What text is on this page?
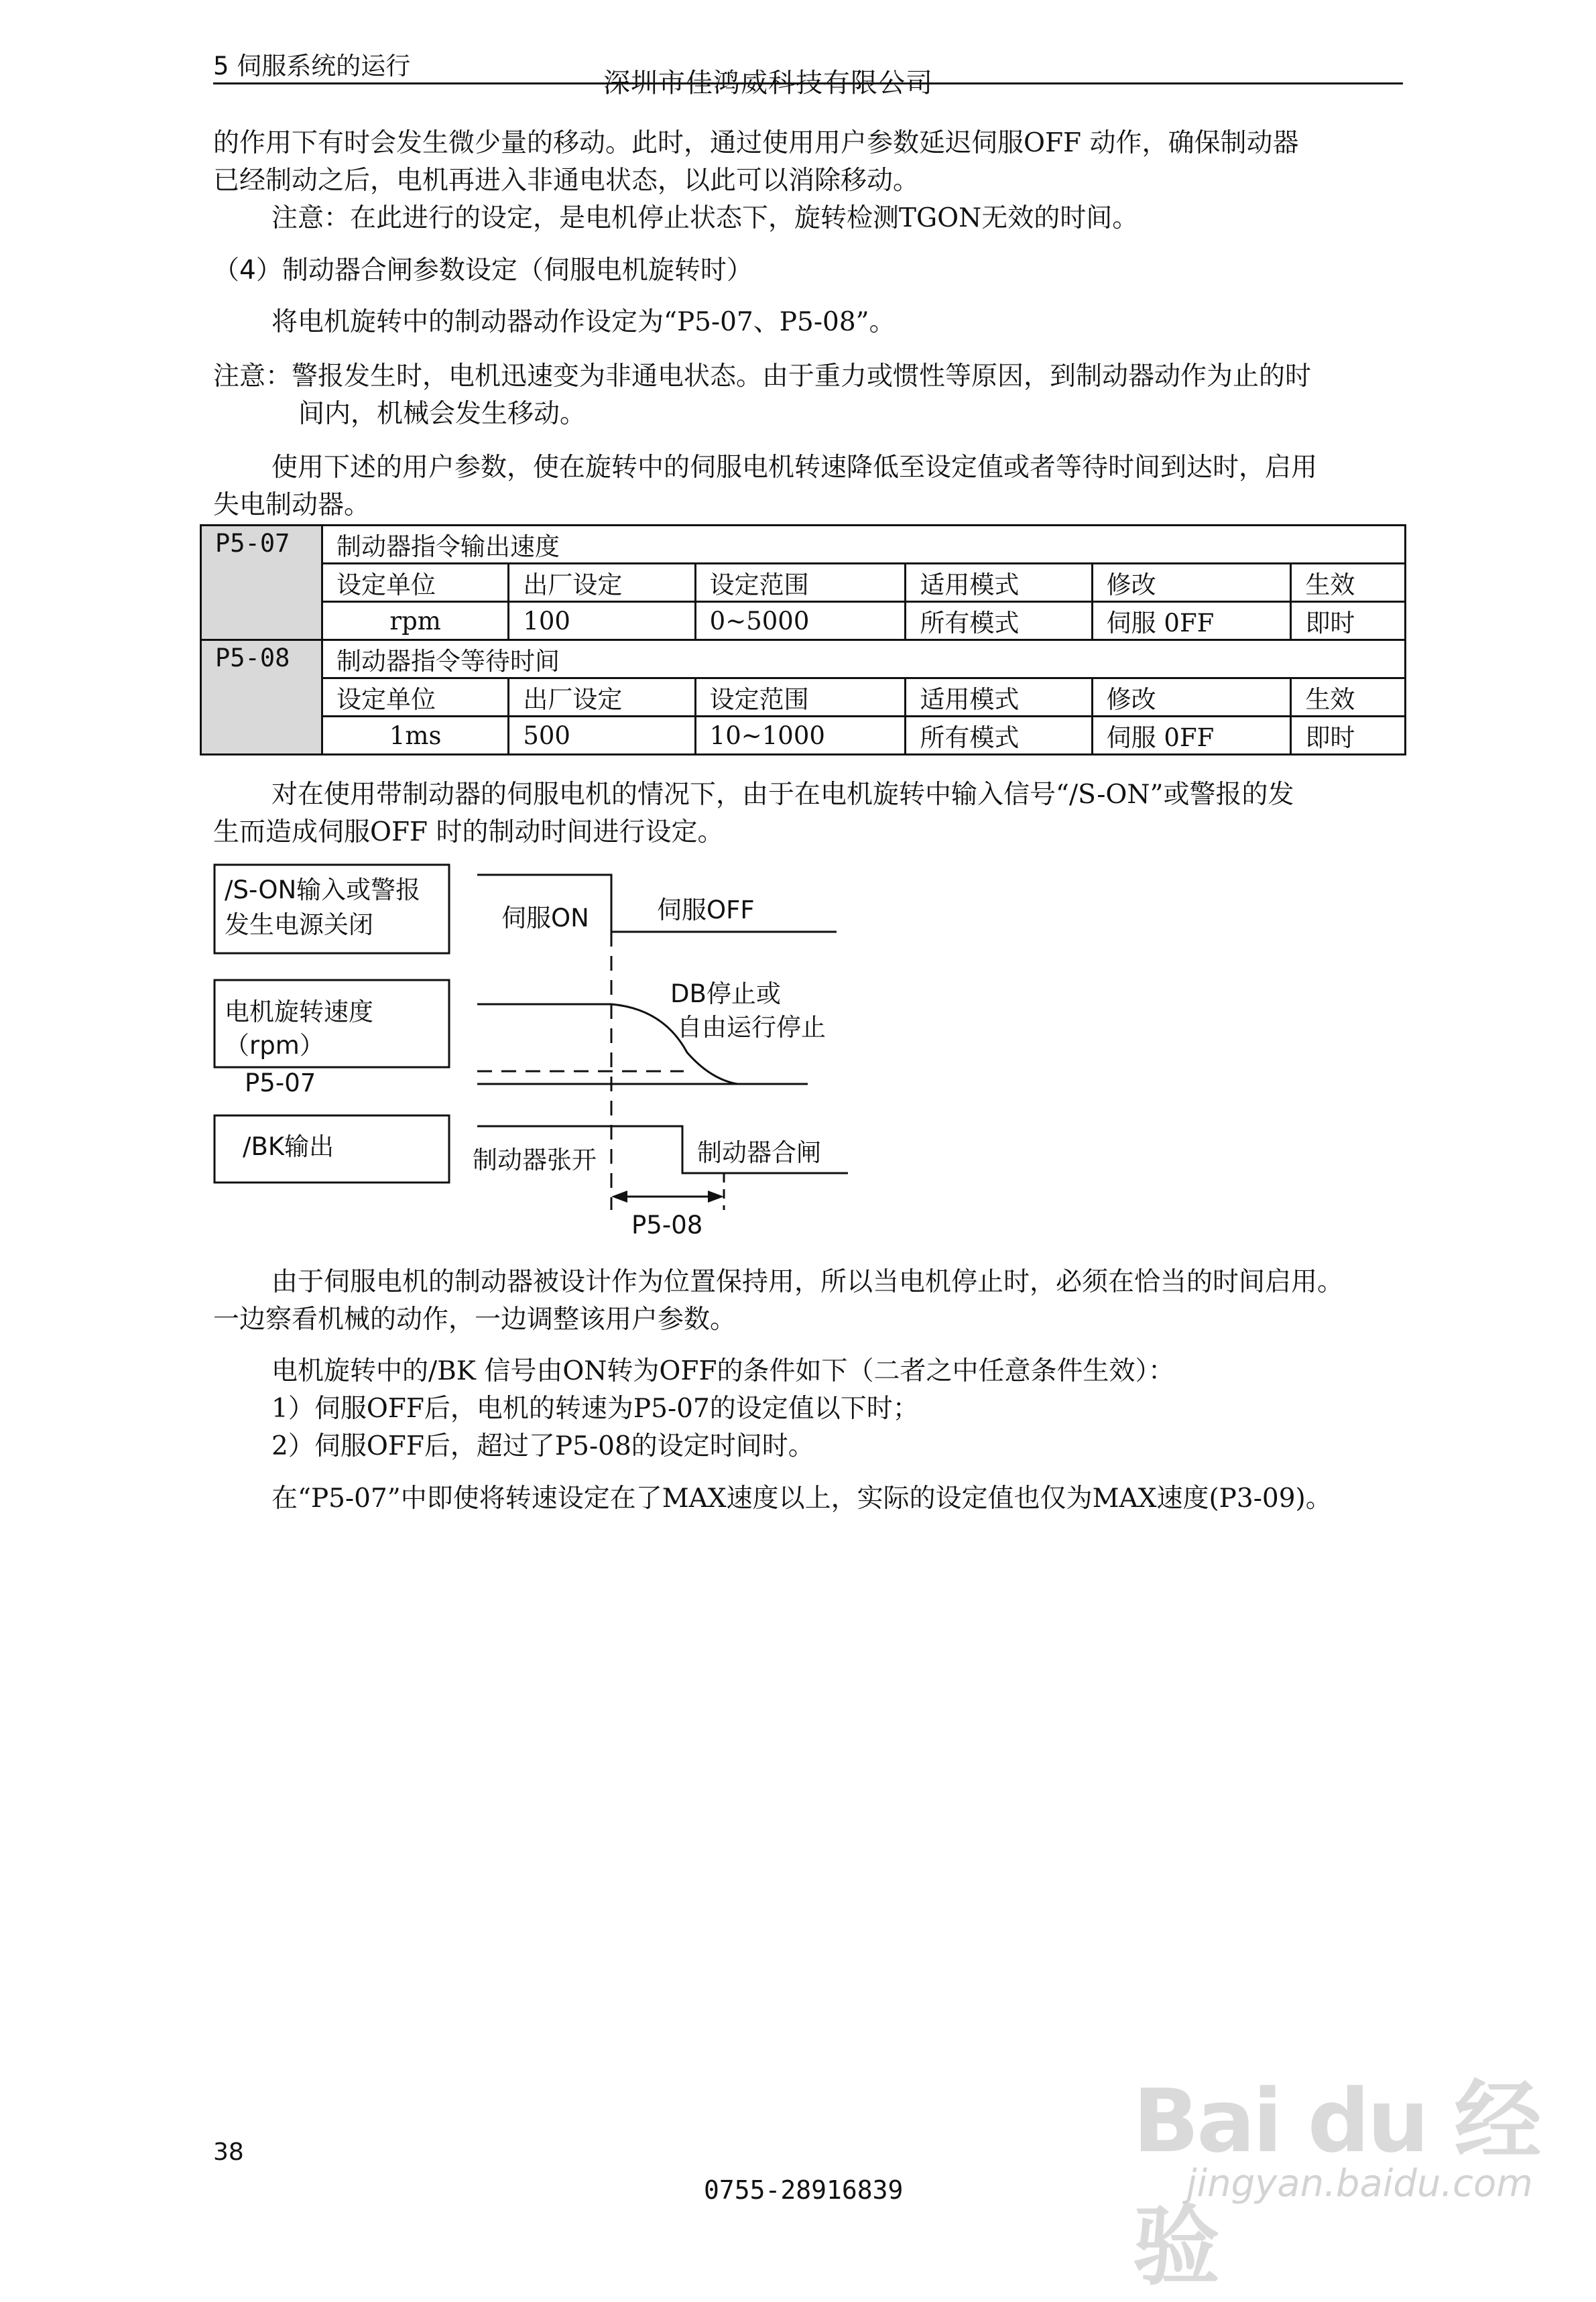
5 伺服系统的运行
深圳市佳鸿威科技有限公司

的作用下有时会发生微少量的移动。此时，通过使用用户参数延迟伺服OFF 动作，确保制动器

已经制动之后，电机再进入非通电状态，以此可以消除移动。

注意：在此进行的设定，是电机停止状态下，旋转检测TGON无效的时间。

（4）制动器合闸参数设定（伺服电机旋转时）

将电机旋转中的制动器动作设定为“P5-07、P5-08”。

注意：警报发生时，电机迅速变为非通电状态。由于重力或惯性等原因，到制动器动作为止的时

间内，机械会发生移动。

使用下述的用户参数，使在旋转中的伺服电机转速降低至设定值或者等待时间到达时，启用

失电制动器。

P5-07	制动器指令输出速度					
	设定单位	出厂设定	设定范围	适用模式	修改	生效
	rpm	100	0~5000	所有模式	伺服 0FF	即时
P5-08	制动器指令等待时间					
	设定单位	出厂设定	设定范围	适用模式	修改	生效
	1ms	500	10~1000	所有模式	伺服 0FF	即时

对在使用带制动器的伺服电机的情况下，由于在电机旋转中输入信号“/S-ON”或警报的发

生而造成伺服OFF 时的制动时间进行设定。

/S-ON输入或警报
发生电源关闭	伺服ON	伺服OFF
电机旋转速度
（rpm）
P5-07
DB停止或
自由运行停止
/BK输出	制动器张开	制动器合闸
P5-08

由于伺服电机的制动器被设计作为位置保持用，所以当电机停止时，必须在恰当的时间启用。

一边察看机械的动作，一边调整该用户参数。

电机旋转中的/BK 信号由ON转为OFF的条件如下（二者之中任意条件生效）：

1）伺服OFF后，电机的转速为P5-07的设定值以下时；

2）伺服OFF后，超过了P5-08的设定时间时。

在“P5-07”中即使将转速设定在了MAX速度以上，实际的设定值也仅为MAX速度(P3-09)。

38
0755-28916839
Bai du 经验
jingyan.baidu.com
